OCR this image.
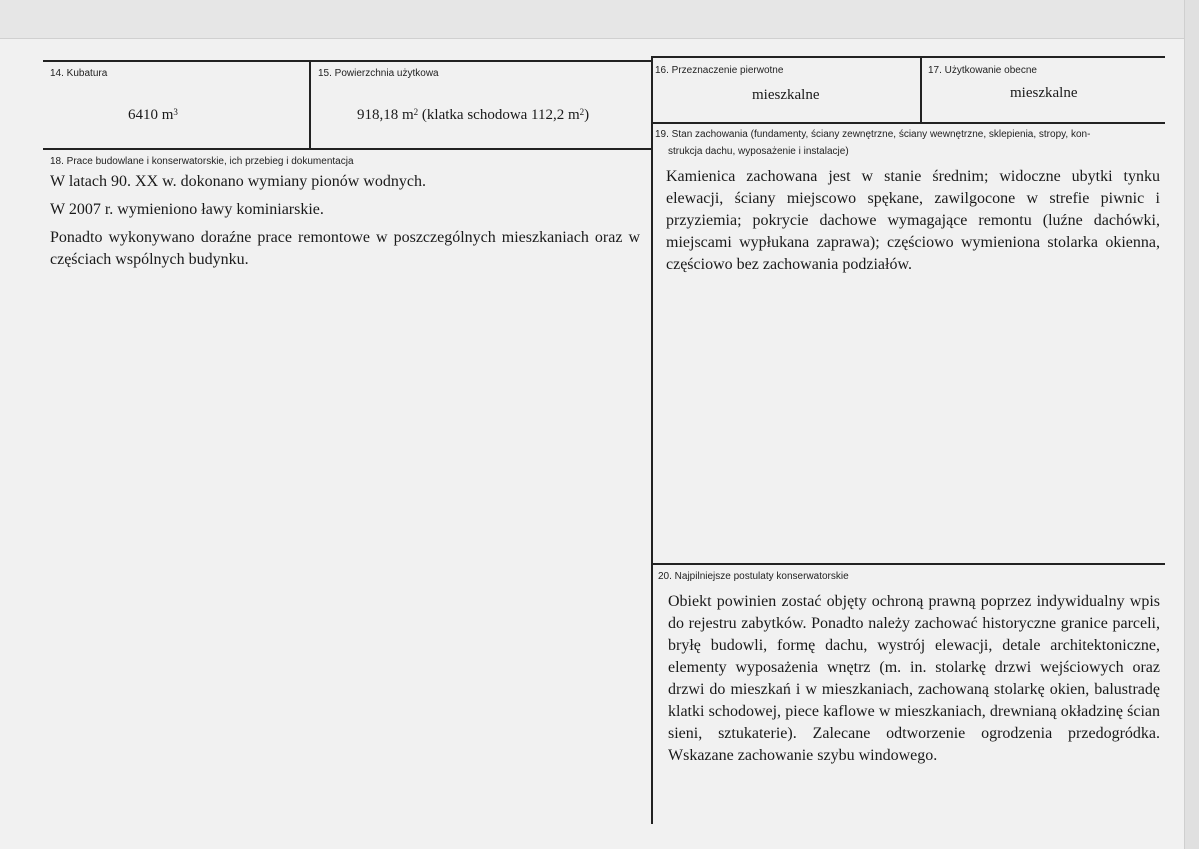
14. Kubatura
6410 $m^3$
15. Powierzchnia użytkowa
918,18 $m^2$ (klatka schodowa 112,2 $m^2$)
16. Przeznaczenie pierwotne
mieszkalne
17. Użytkowanie obecne
mieszkalne
18. Prace budowlane i konserwatorskie, ich przebieg i dokumentacja

W latach 90. XX w. dokonano wymiany pionów wodnych.

W 2007 r. wymieniono ławy kominiarskie.

Ponadto wykonywano doraźne prace remontowe w poszczególnych mieszkaniach oraz w częściach wspólnych budynku.

19. Stan zachowania (fundamenty, ściany zewnętrzne, ściany wewnętrzne, sklepienia, stropy, kon-
strukcja dachu, wyposażenie i instalacje)

Kamienica zachowana jest w stanie średnim; widoczne ubytki tynku elewacji, ściany miejscowo spękane, zawilgocone w strefie piwnic i przyziemia; pokrycie dachowe wymagające remontu (luźne dachówki, miejscami wypłukana zaprawa); częściowo wymieniona stolarka okienna, częściowo bez zachowania podziałów.

20. Najpilniejsze postulaty konserwatorskie

Obiekt powinien zostać objęty ochroną prawną poprzez indywidualny wpis do rejestru zabytków. Ponadto należy zachować historyczne granice parceli, bryłę budowli, formę dachu, wystrój elewacji, detale architektoniczne, elementy wyposażenia wnętrz (m. in. stolarkę drzwi wejściowych oraz drzwi do mieszkań i w mieszkaniach, zachowaną stolarkę okien, balustradę klatki schodowej, piece kaflowe w mieszkaniach, drewnianą okładzinę ścian sieni, sztukaterie). Zalecane odtworzenie ogrodzenia przedogródka. Wskazane zachowanie szybu windowego.
